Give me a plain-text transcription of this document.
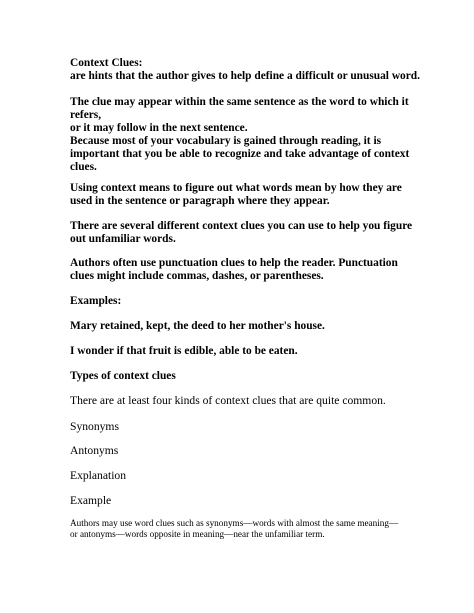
Context Clues:
are hints that the author gives to help define a difficult or unusual word.
The clue may appear within the same sentence as the word to which it
refers,
or it may follow in the next sentence.
Because most of your vocabulary is gained through reading, it is
important that you be able to recognize and take advantage of context
clues.
Using context means to figure out what words mean by how they are
used in the sentence or paragraph where they appear.
There are several different context clues you can use to help you figure
out unfamiliar words.
Authors often use punctuation clues to help the reader. Punctuation
clues might include commas, dashes, or parentheses.
Examples:
Mary retained, kept, the deed to her mother's house.
I wonder if that fruit is edible, able to be eaten.
Types of context clues
There are at least four kinds of context clues that are quite common.
Synonyms
Antonyms
Explanation
Example
Authors may use word clues such as synonyms—words with almost the same meaning—
or antonyms—words opposite in meaning—near the unfamiliar term.
